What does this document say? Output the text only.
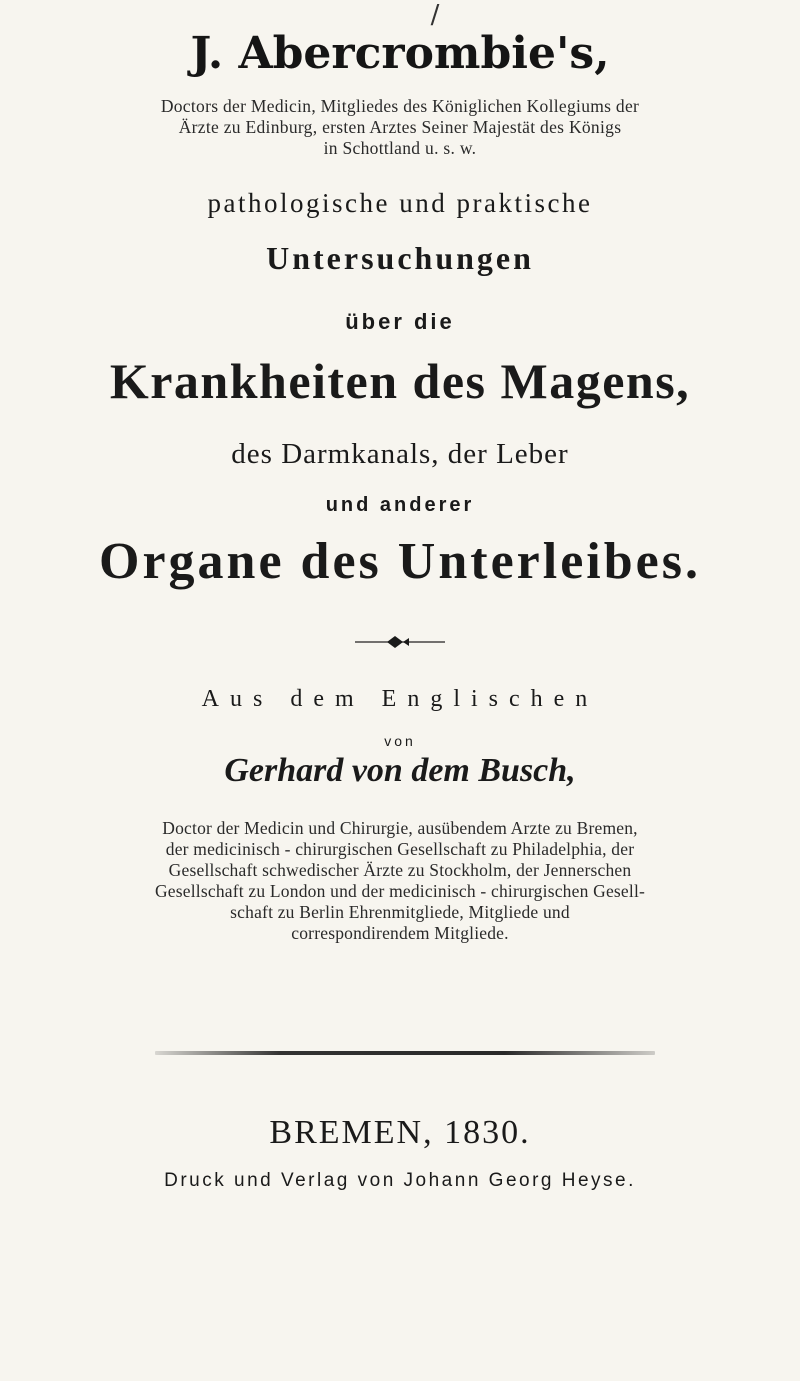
/
J. Abercrombie's,
Doctors der Medicin, Mitgliedes des Königlichen Kollegiums der
Ärzte zu Edinburg, ersten Arztes Seiner Majestät des Königs
in Schottland u. s. w.
pathologische und praktische
Untersuchungen
über die
Krankheiten des Magens,
des Darmkanals, der Leber
und anderer
Organe des Unterleibes.
Aus dem Englischen
von
Gerhard von dem Busch,
Doctor der Medicin und Chirurgie, ausübendem Arzte zu Bremen,
der medicinisch - chirurgischen Gesellschaft zu Philadelphia, der
Gesellschaft schwedischer Ärzte zu Stockholm, der Jennerschen
Gesellschaft zu London und der medicinisch - chirurgischen Gesell-
schaft zu Berlin Ehrenmitgliede, Mitgliede und
correspondirendem Mitgliede.
BREMEN, 1830.
Druck und Verlag von Johann Georg Heyse.
